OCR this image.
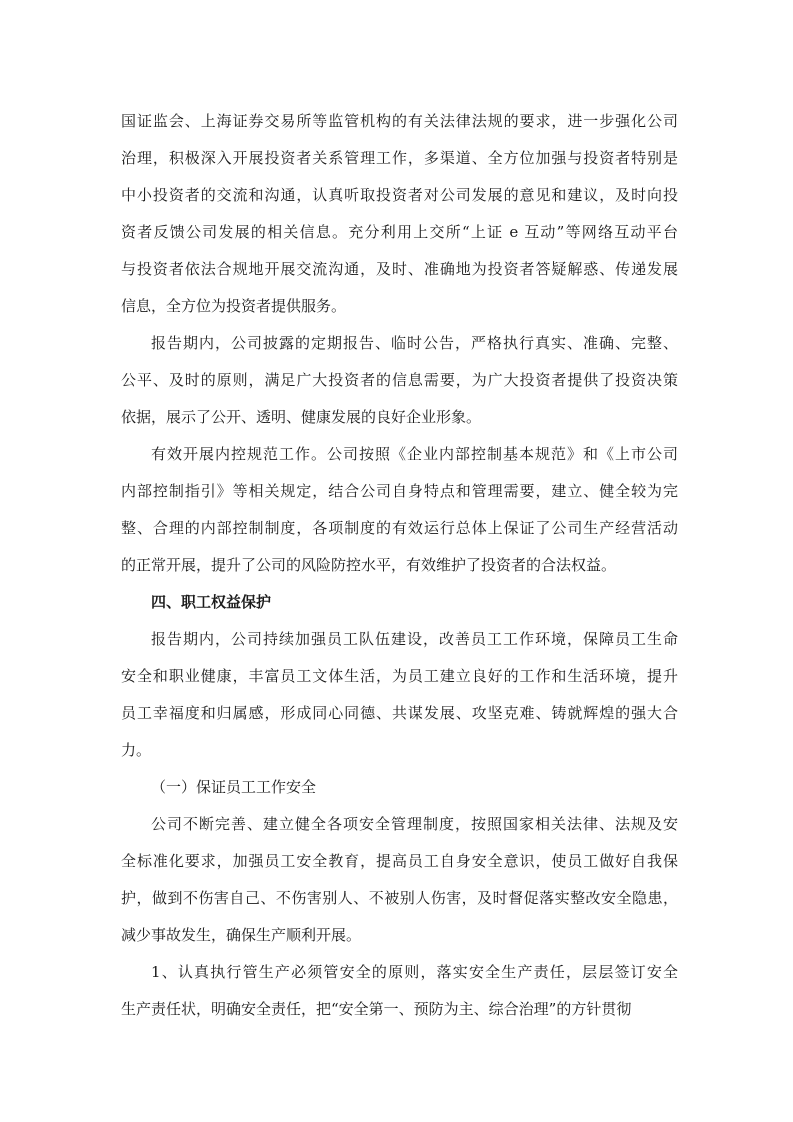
国证监会、上海证券交易所等监管机构的有关法律法规的要求，进一步强化公司
治理，积极深入开展投资者关系管理工作，多渠道、全方位加强与投资者特别是
中小投资者的交流和沟通，认真听取投资者对公司发展的意见和建议，及时向投
资者反馈公司发展的相关信息。充分利用上交所“上证 e 互动”等网络互动平台
与投资者依法合规地开展交流沟通，及时、准确地为投资者答疑解惑、传递发展
信息，全方位为投资者提供服务。
报告期内，公司披露的定期报告、临时公告，严格执行真实、准确、完整、
公平、及时的原则，满足广大投资者的信息需要，为广大投资者提供了投资决策
依据，展示了公开、透明、健康发展的良好企业形象。
有效开展内控规范工作。公司按照《企业内部控制基本规范》和《上市公司
内部控制指引》等相关规定，结合公司自身特点和管理需要，建立、健全较为完
整、合理的内部控制制度，各项制度的有效运行总体上保证了公司生产经营活动
的正常开展，提升了公司的风险防控水平，有效维护了投资者的合法权益。
四、职工权益保护
报告期内，公司持续加强员工队伍建设，改善员工工作环境，保障员工生命
安全和职业健康，丰富员工文体生活，为员工建立良好的工作和生活环境，提升
员工幸福度和归属感，形成同心同德、共谋发展、攻坚克难、铸就辉煌的强大合
力。
（一）保证员工工作安全
公司不断完善、建立健全各项安全管理制度，按照国家相关法律、法规及安
全标准化要求，加强员工安全教育，提高员工自身安全意识，使员工做好自我保
护，做到不伤害自己、不伤害别人、不被别人伤害，及时督促落实整改安全隐患，
减少事故发生，确保生产顺利开展。
1、认真执行管生产必须管安全的原则，落实安全生产责任，层层签订安全
生产责任状，明确安全责任，把“安全第一、预防为主、综合治理”的方针贯彻
